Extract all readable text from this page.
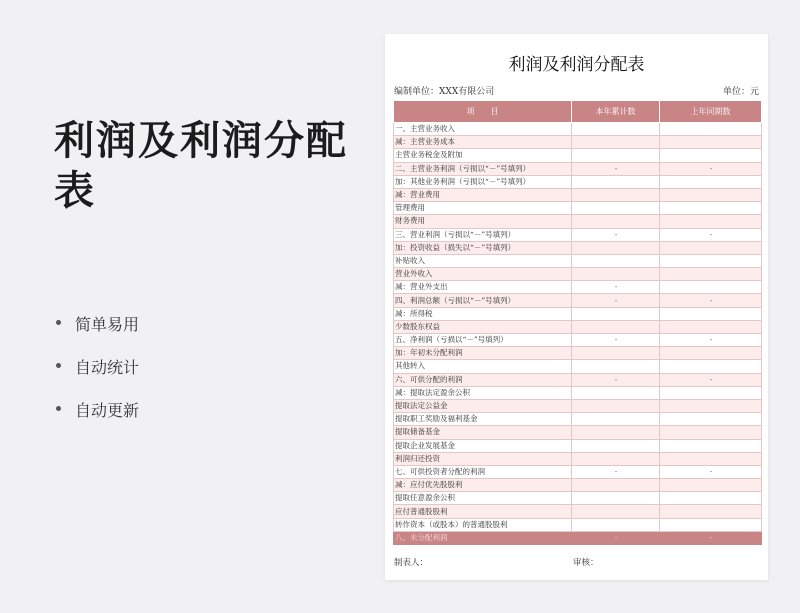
利润及利润分配表
简单易用
自动统计
自动更新
利润及利润分配表
编制单位：XXX有限公司	单位：元
项　　目	本年累计数	上年同期数
一、主营业务收入		
减：主营业务成本		
主营业务税金及附加		
二、主营业务利润（亏损以“－”号填列）	-	-
加：其他业务利润（亏损以“－”号填列）		
减：营业费用		
管理费用		
财务费用		
三、营业利润（亏损以“－”号填列）	-	-
加：投资收益（损失以“－”号填列）		
补贴收入		
营业外收入		
减：营业外支出	-	
四、利润总额（亏损以“－”号填列）	-	-
减：所得税		
少数股东权益		
五、净利润（亏损以“－”号填列）	-	-
加：年初未分配利润		
其他转入		
六、可供分配的利润	-	-
减：提取法定盈余公积		
提取法定公益金		
提取职工奖励及福利基金		
提取储备基金		
提取企业发展基金		
利润归还投资		
七、可供投资者分配的利润	-	-
减：应付优先股股利		
提取任意盈余公积		
应付普通股股利		
转作资本（或股本）的普通股股利		
八、未分配利润	-	-
制表人：	审核：
